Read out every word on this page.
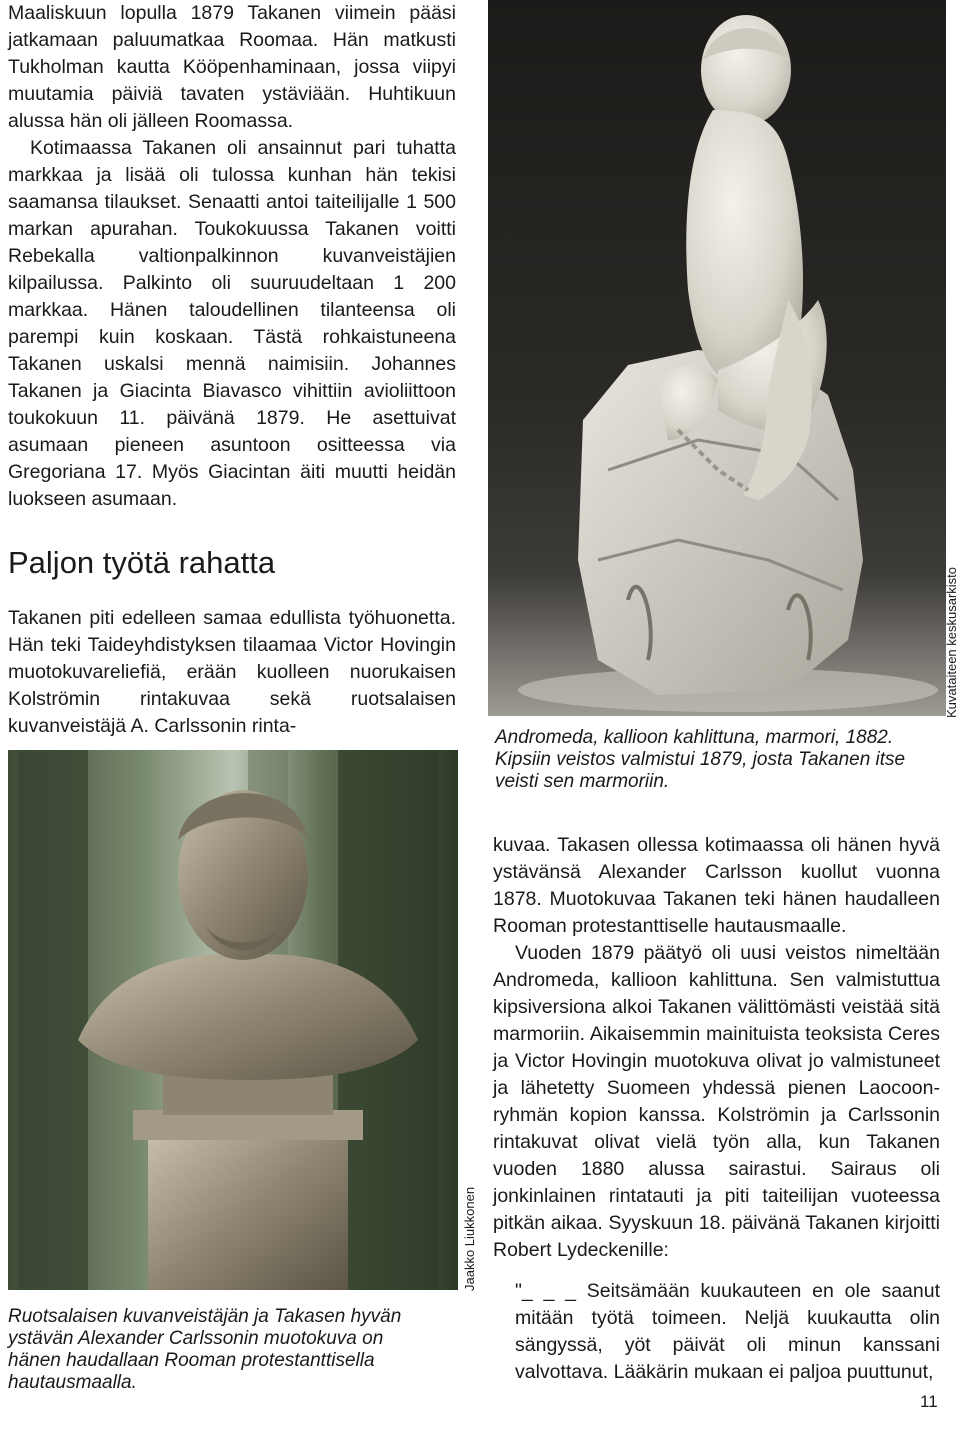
Maaliskuun lopulla 1879 Takanen viimein pääsi jatkamaan paluumatkaa Roomaa. Hän matkusti Tukholman kautta Kööpenhaminaan, jossa viipyi muutamia päiviä tavaten ystäviään. Huhtikuun alussa hän oli jälleen Roomassa.

Kotimaassa Takanen oli ansainnut pari tuhatta markkaa ja lisää oli tulossa kunhan hän tekisi saamansa tilaukset. Senaatti antoi taiteilijalle 1 500 markan apurahan. Toukokuussa Takanen voitti Rebekalla valtionpalkinnon kuvanveistäjien kilpailussa. Palkinto oli suuruudeltaan 1 200 markkaa. Hänen taloudellinen tilanteensa oli parempi kuin koskaan. Tästä rohkaistuneena Takanen uskalsi mennä naimisiin. Johannes Takanen ja Giacinta Biavasco vihittiin avioliittoon toukokuun 11. päivänä 1879. He asettuivat asumaan pieneen asuntoon ositteessa via Gregoriana 17. Myös Giacintan äiti muutti heidän luokseen asumaan.

Paljon työtä rahatta

Takanen piti edelleen samaa edullista työhuonetta. Hän teki Taideyhdistyksen tilaamaa Victor Hovingin muotokuvareliefiä, erään kuolleen nuorukaisen Kolströmin rintakuvaa sekä ruotsalaisen kuvanveistäjä A. Carlssonin rinta-

Kuvataiteen keskusarkisto

Andromeda, kallioon kahlittuna, marmori, 1882. Kipsiin veistos valmistui 1879, josta Takanen itse veisti sen marmoriin.

Jaakko Liukkonen

Ruotsalaisen kuvanveistäjän ja Takasen hyvän ystävän Alexander Carlssonin muotokuva on hänen haudallaan Rooman protestanttisella hautausmaalla.

kuvaa. Takasen ollessa kotimaassa oli hänen hyvä ystävänsä Alexander Carlsson kuollut vuonna 1878. Muotokuvaa Takanen teki hänen haudalleen Rooman protestanttiselle hautausmaalle.

Vuoden 1879 päätyö oli uusi veistos nimeltään Andromeda, kallioon kahlittuna. Sen valmistuttua kipsiversiona alkoi Takanen välittömästi veistää sitä marmoriin. Aikaisemmin mainituista teoksista Ceres ja Victor Hovingin muotokuva olivat jo valmistuneet ja lähetetty Suomeen yhdessä pienen Laocoon-ryhmän kopion kanssa. Kolströmin ja Carlssonin rintakuvat olivat vielä työn alla, kun Takanen vuoden 1880 alussa sairastui. Sairaus oli jonkinlainen rintatauti ja piti taiteilijan vuoteessa pitkän aikaa. Syyskuun 18. päivänä Takanen kirjoitti Robert Lydeckenille:

"_ _ _ Seitsämään kuukauteen en ole saanut mitään työtä toimeen. Neljä kuukautta olin sängyssä, yöt päivät oli minun kanssani valvottava. Lääkärin mukaan ei paljoa puuttunut,

11
